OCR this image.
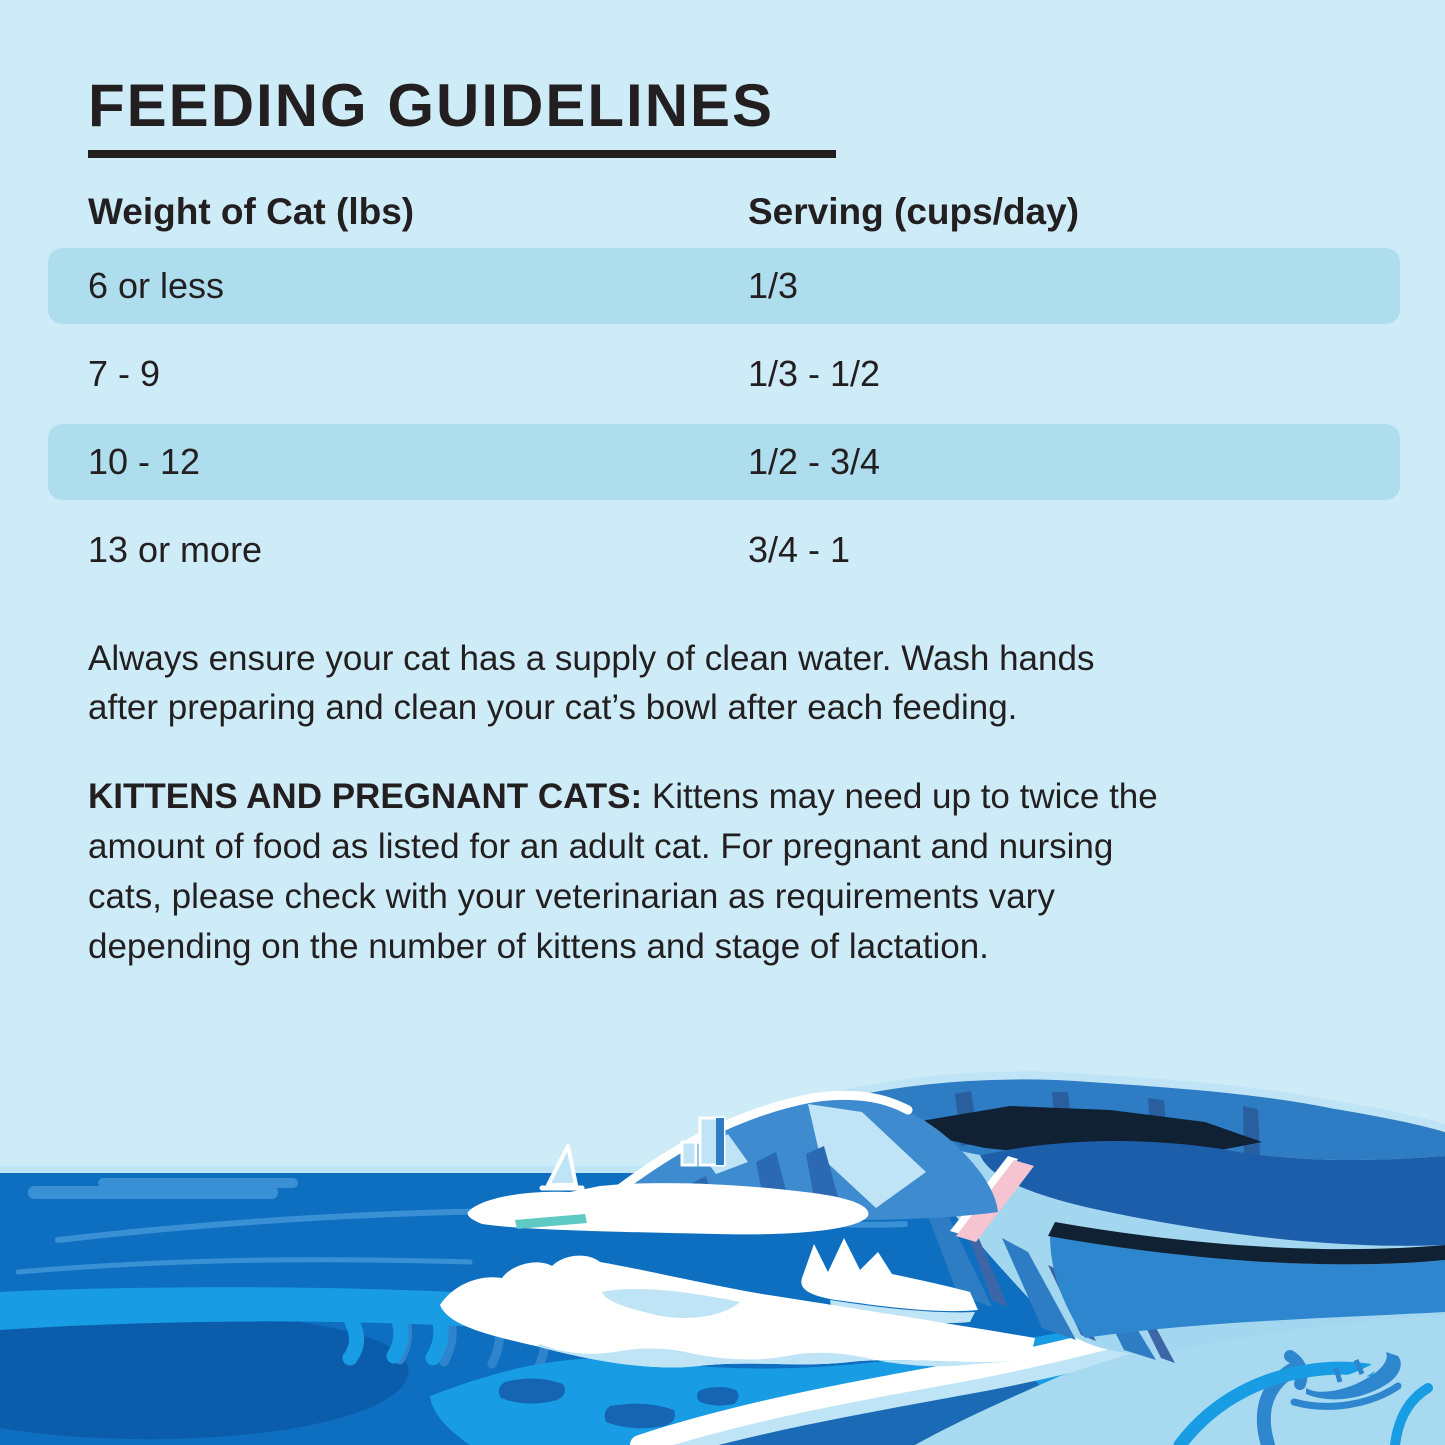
FEEDING GUIDELINES
Weight of Cat (lbs)	Serving (cups/day)
6 or less	1/3
7 - 9	1/3 - 1/2
10 - 12	1/2 - 3/4
13 or more	3/4 - 1
Always ensure your cat has a supply of clean water. Wash hands
after preparing and clean your cat’s bowl after each feeding.
KITTENS AND PREGNANT CATS: Kittens may need up to twice the
amount of food as listed for an adult cat. For pregnant and nursing
cats, please check with your veterinarian as requirements vary
depending on the number of kittens and stage of lactation.
